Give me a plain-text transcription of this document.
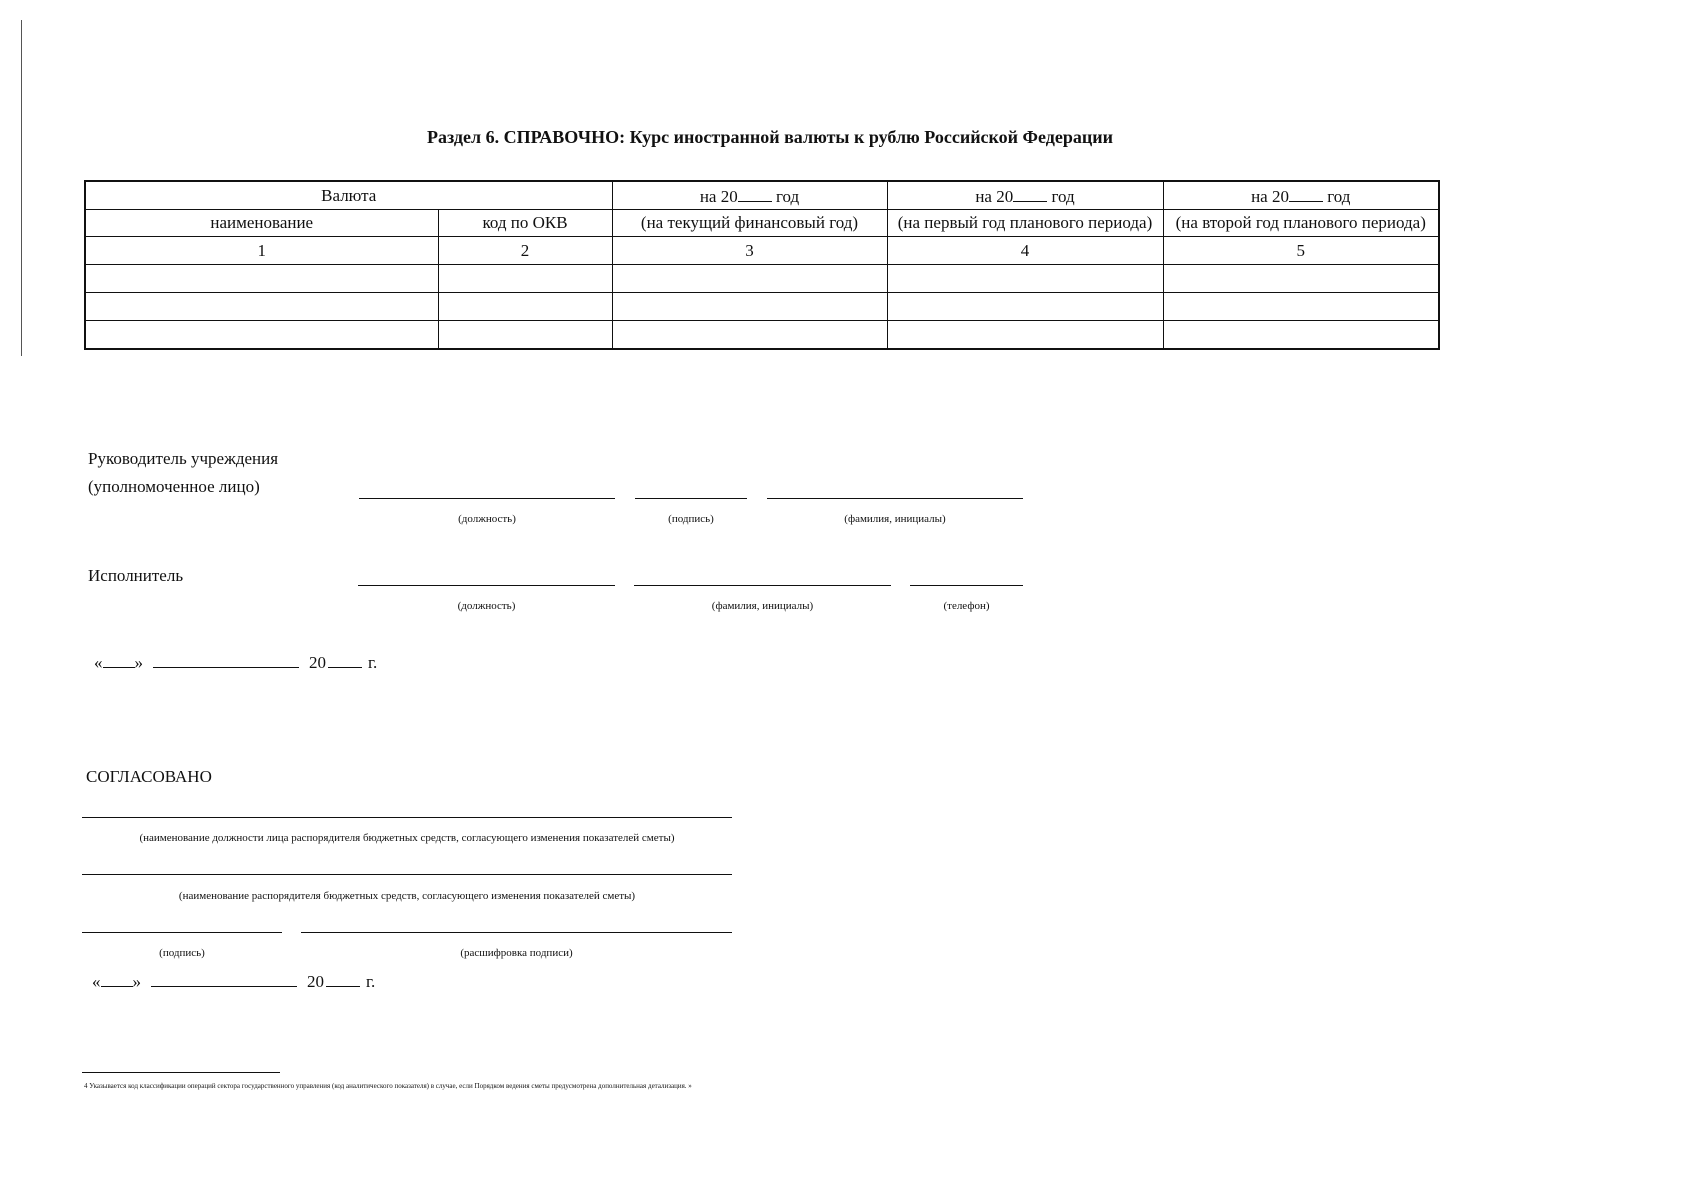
Раздел 6. СПРАВОЧНО: Курс иностранной валюты к рублю Российской Федерации
Валюта		на 20 год	на 20 год	на 20 год
наименование	код по ОКВ	(на текущий финансовый год)	(на первый год планового периода)	(на второй год планового периода)
1	2	3	4	5

Руководитель учреждения
(уполномоченное лицо)
(должность)	(подпись)	(фамилия, инициалы)
Исполнитель
(должность)	(фамилия, инициалы)	(телефон)
« »	20 г.
СОГЛАСОВАНО
(наименование должности лица распорядителя бюджетных средств, согласующего изменения показателей сметы)
(наименование распорядителя бюджетных средств, согласующего изменения показателей сметы)
(подпись)	(расшифровка подписи)
« »	20 г.
4 Указывается код классификации операций сектора государственного управления (код аналитического показателя) в случае, если Порядком ведения сметы предусмотрена дополнительная детализация. »
